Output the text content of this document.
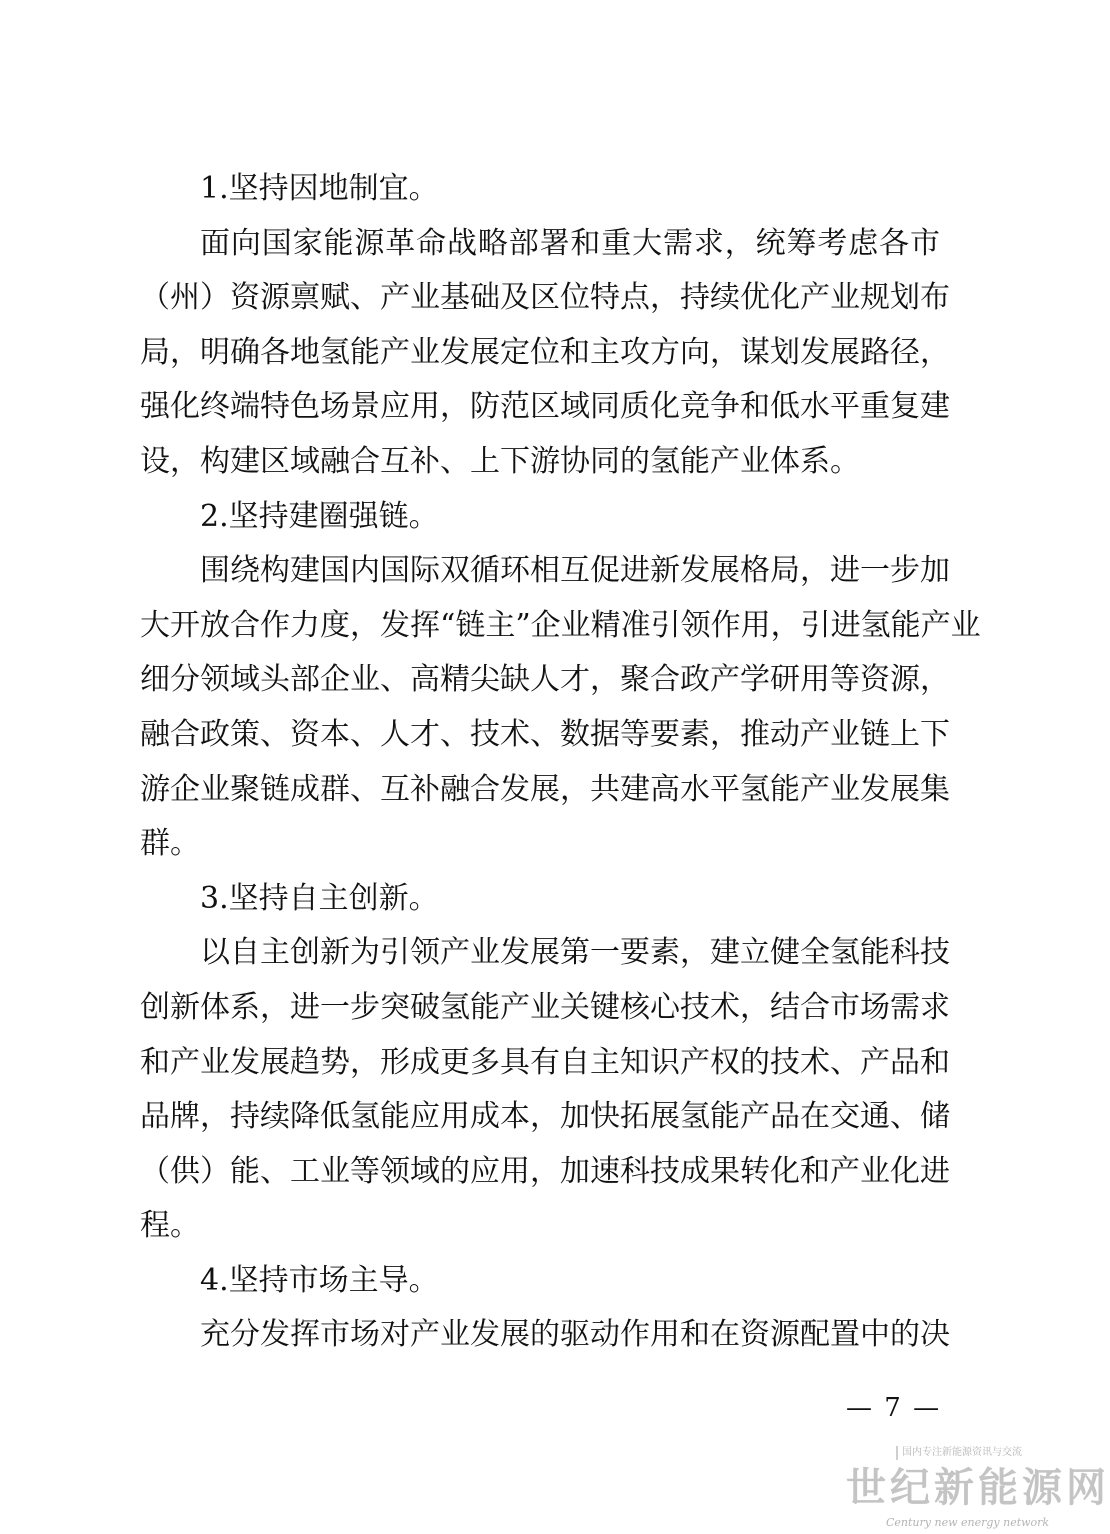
1.坚持因地制宜。
面向国家能源革命战略部署和重大需求，统筹考虑各市
（州）资源禀赋、产业基础及区位特点，持续优化产业规划布
局，明确各地氢能产业发展定位和主攻方向，谋划发展路径，
强化终端特色场景应用，防范区域同质化竞争和低水平重复建
设，构建区域融合互补、上下游协同的氢能产业体系。
2.坚持建圈强链。
围绕构建国内国际双循环相互促进新发展格局，进一步加
大开放合作力度，发挥“链主”企业精准引领作用，引进氢能产业
细分领域头部企业、高精尖缺人才，聚合政产学研用等资源，
融合政策、资本、人才、技术、数据等要素，推动产业链上下
游企业聚链成群、互补融合发展，共建高水平氢能产业发展集
群。
3.坚持自主创新。
以自主创新为引领产业发展第一要素，建立健全氢能科技
创新体系，进一步突破氢能产业关键核心技术，结合市场需求
和产业发展趋势，形成更多具有自主知识产权的技术、产品和
品牌，持续降低氢能应用成本，加快拓展氢能产品在交通、储
（供）能、工业等领域的应用，加速科技成果转化和产业化进
程。
4.坚持市场主导。
充分发挥市场对产业发展的驱动作用和在资源配置中的决
— 7 —
国内专注新能源资讯与交流
世纪新能源网
Century new energy network
